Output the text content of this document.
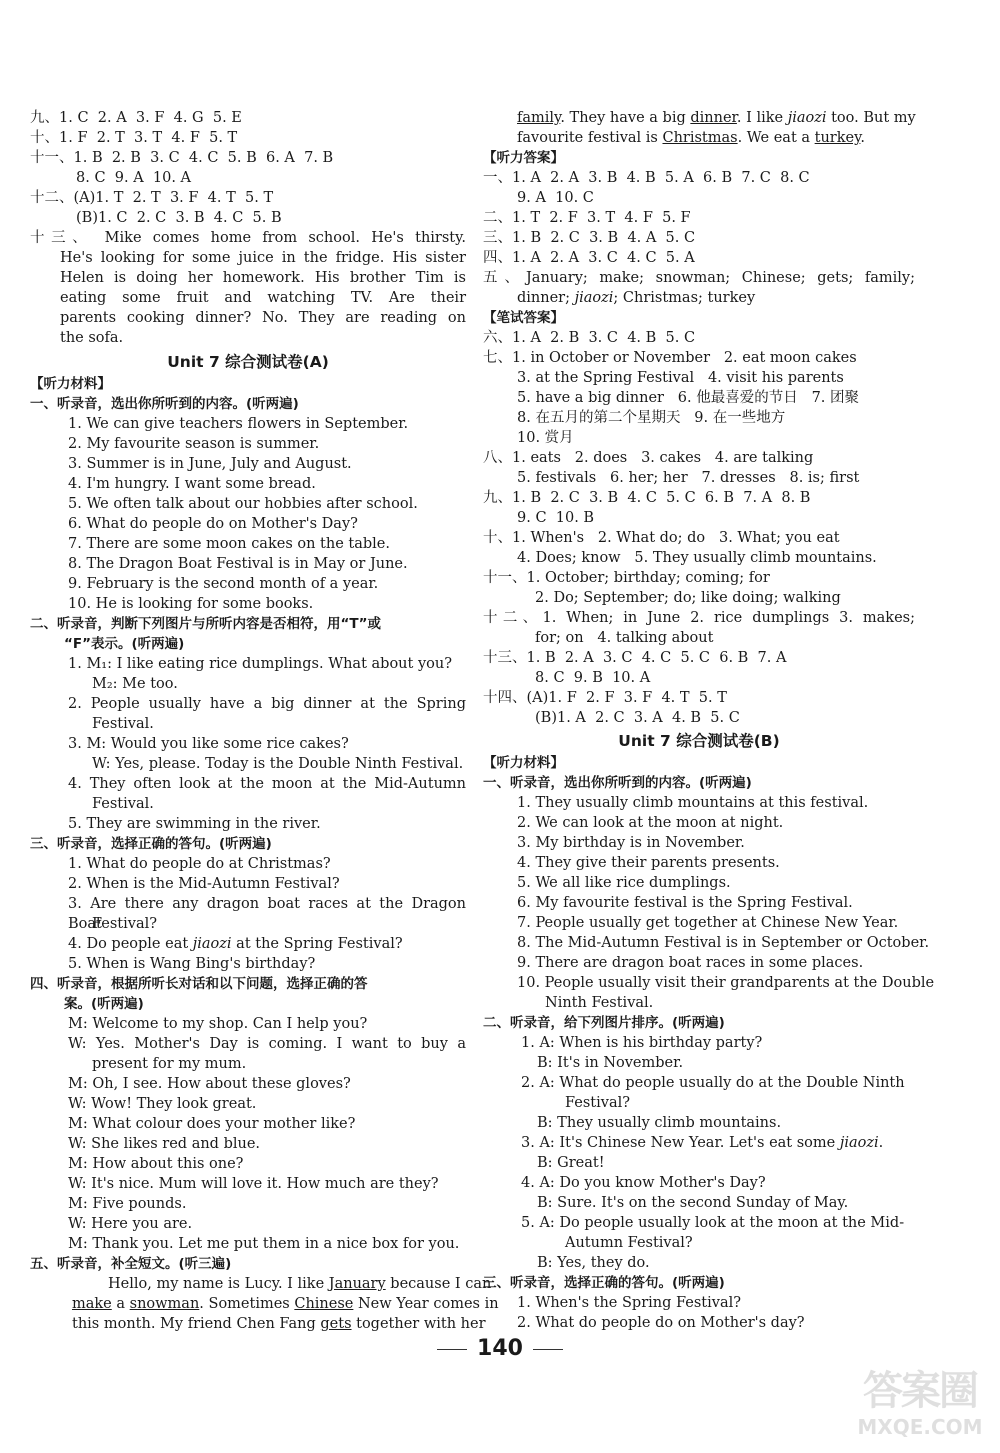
九、1. C  2. A  3. F  4. G  5. E
十、1. F  2. T  3. T  4. F  5. T
十一、1. B  2. B  3. C  4. C  5. B  6. A  7. B
8. C  9. A  10. A
十二、(A)1. T  2. T  3. F  4. T  5. T
(B)1. C  2. C  3. B  4. C  5. B
十三、 Mike comes home from school. He's thirsty.
He's looking for some juice in the fridge. His sister
Helen is doing her homework. His brother Tim is
eating some fruit and watching TV. Are their
parents cooking dinner? No. They are reading on
the sofa.
Unit 7 综合测试卷(A)
【听力材料】
一、听录音，选出你所听到的内容。(听两遍)
1. We can give teachers flowers in September.
2. My favourite season is summer.
3. Summer is in June, July and August.
4. I'm hungry. I want some bread.
5. We often talk about our hobbies after school.
6. What do people do on Mother's Day?
7. There are some moon cakes on the table.
8. The Dragon Boat Festival is in May or June.
9. February is the second month of a year.
10. He is looking for some books.
二、听录音，判断下列图片与所听内容是否相符，用“T”或
“F”表示。(听两遍)
1. M₁: I like eating rice dumplings. What about you?
M₂: Me too.
2. People usually have a big dinner at the Spring
Festival.
3. M: Would you like some rice cakes?
W: Yes, please. Today is the Double Ninth Festival.
4. They often look at the moon at the Mid-Autumn
Festival.
5. They are swimming in the river.
三、听录音，选择正确的答句。(听两遍)
1. What do people do at Christmas?
2. When is the Mid-Autumn Festival?
3. Are there any dragon boat races at the Dragon Boat
Festival?
4. Do people eat jiaozi at the Spring Festival?
5. When is Wang Bing's birthday?
四、听录音，根据所听长对话和以下问题，选择正确的答
案。(听两遍)
M: Welcome to my shop. Can I help you?
W: Yes. Mother's Day is coming. I want to buy a
present for my mum.
M: Oh, I see. How about these gloves?
W: Wow! They look great.
M: What colour does your mother like?
W: She likes red and blue.
M: How about this one?
W: It's nice. Mum will love it. How much are they?
M: Five pounds.
W: Here you are.
M: Thank you. Let me put them in a nice box for you.
五、听录音，补全短文。(听三遍)
Hello, my name is Lucy. I like January because I can
make a snowman. Sometimes Chinese New Year comes in
this month. My friend Chen Fang gets together with her
family. They have a big dinner. I like jiaozi too. But my
favourite festival is Christmas. We eat a turkey.
【听力答案】
一、1. A  2. A  3. B  4. B  5. A  6. B  7. C  8. C
9. A  10. C
二、1. T  2. F  3. T  4. F  5. F
三、1. B  2. C  3. B  4. A  5. C
四、1. A  2. A  3. C  4. C  5. A
五、January; make; snowman; Chinese; gets; family;
dinner; jiaozi; Christmas; turkey
【笔试答案】
六、1. A  2. B  3. C  4. B  5. C
七、1. in October or November   2. eat moon cakes
3. at the Spring Festival   4. visit his parents
5. have a big dinner   6. 他最喜爱的节日   7. 团聚
8. 在五月的第二个星期天   9. 在一些地方
10. 赏月
八、1. eats   2. does   3. cakes   4. are talking
5. festivals   6. her; her   7. dresses   8. is; first
九、1. B  2. C  3. B  4. C  5. C  6. B  7. A  8. B
9. C  10. B
十、1. When's   2. What do; do   3. What; you eat
4. Does; know   5. They usually climb mountains.
十一、1. October; birthday; coming; for
2. Do; September; do; like doing; walking
十二、1. When; in June 2. rice dumplings 3. makes;
for; on   4. talking about
十三、1. B  2. A  3. C  4. C  5. C  6. B  7. A
8. C  9. B  10. A
十四、(A)1. F  2. F  3. F  4. T  5. T
(B)1. A  2. C  3. A  4. B  5. C
Unit 7 综合测试卷(B)
【听力材料】
一、听录音，选出你所听到的内容。(听两遍)
1. They usually climb mountains at this festival.
2. We can look at the moon at night.
3. My birthday is in November.
4. They give their parents presents.
5. We all like rice dumplings.
6. My favourite festival is the Spring Festival.
7. People usually get together at Chinese New Year.
8. The Mid-Autumn Festival is in September or October.
9. There are dragon boat races in some places.
10. People usually visit their grandparents at the Double
Ninth Festival.
二、听录音，给下列图片排序。(听两遍)
1. A: When is his birthday party?
B: It's in November.
2. A: What do people usually do at the Double Ninth
Festival?
B: They usually climb mountains.
3. A: It's Chinese New Year. Let's eat some jiaozi.
B: Great!
4. A: Do you know Mother's Day?
B: Sure. It's on the second Sunday of May.
5. A: Do people usually look at the moon at the Mid-
Autumn Festival?
B: Yes, they do.
三、听录音，选择正确的答句。(听两遍)
1. When's the Spring Festival?
2. What do people do on Mother's day?
140
答案圈
MXQE.COM
